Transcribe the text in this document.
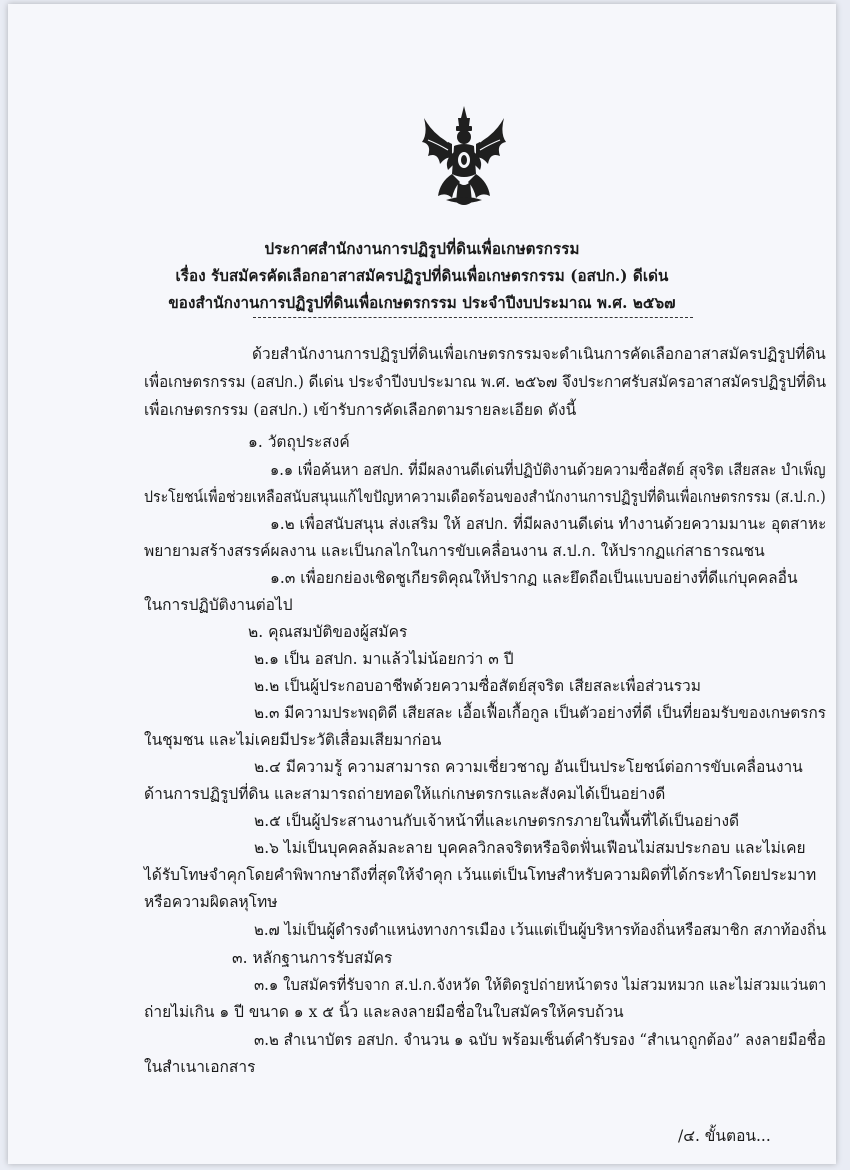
ประกาศสำนักงานการปฏิรูปที่ดินเพื่อเกษตรกรรม
เรื่อง รับสมัครคัดเลือกอาสาสมัครปฏิรูปที่ดินเพื่อเกษตรกรรม (อสปก.) ดีเด่น
ของสำนักงานการปฏิรูปที่ดินเพื่อเกษตรกรรม ประจำปีงบประมาณ พ.ศ. ๒๕๖๗
ด้วยสำนักงานการปฏิรูปที่ดินเพื่อเกษตรกรรมจะดำเนินการคัดเลือกอาสาสมัครปฏิรูปที่ดิน
เพื่อเกษตรกรรม (อสปก.) ดีเด่น ประจำปีงบประมาณ พ.ศ. ๒๕๖๗ จึงประกาศรับสมัครอาสาสมัครปฏิรูปที่ดิน
เพื่อเกษตรกรรม (อสปก.) เข้ารับการคัดเลือกตามรายละเอียด ดังนี้
๑. วัตถุประสงค์
๑.๑ เพื่อค้นหา อสปก. ที่มีผลงานดีเด่นที่ปฏิบัติงานด้วยความซื่อสัตย์ สุจริต เสียสละ บำเพ็ญ
ประโยชน์เพื่อช่วยเหลือสนับสนุนแก้ไขปัญหาความเดือดร้อนของสำนักงานการปฏิรูปที่ดินเพื่อเกษตรกรรม (ส.ป.ก.)
๑.๒ เพื่อสนับสนุน ส่งเสริม ให้ อสปก. ที่มีผลงานดีเด่น ทำงานด้วยความมานะ อุตสาหะ
พยายามสร้างสรรค์ผลงาน และเป็นกลไกในการขับเคลื่อนงาน ส.ป.ก. ให้ปรากฏแก่สาธารณชน
๑.๓ เพื่อยกย่องเชิดชูเกียรติคุณให้ปรากฏ และยึดถือเป็นแบบอย่างที่ดีแก่บุคคลอื่น
ในการปฏิบัติงานต่อไป
๒. คุณสมบัติของผู้สมัคร
๒.๑ เป็น อสปก. มาแล้วไม่น้อยกว่า ๓ ปี
๒.๒ เป็นผู้ประกอบอาชีพด้วยความซื่อสัตย์สุจริต เสียสละเพื่อส่วนรวม
๒.๓ มีความประพฤติดี เสียสละ เอื้อเฟื้อเกื้อกูล เป็นตัวอย่างที่ดี เป็นที่ยอมรับของเกษตรกร
ในชุมชน และไม่เคยมีประวัติเสื่อมเสียมาก่อน
๒.๔ มีความรู้ ความสามารถ ความเชี่ยวชาญ อันเป็นประโยชน์ต่อการขับเคลื่อนงาน
ด้านการปฏิรูปที่ดิน และสามารถถ่ายทอดให้แก่เกษตรกรและสังคมได้เป็นอย่างดี
๒.๕ เป็นผู้ประสานงานกับเจ้าหน้าที่และเกษตรกรภายในพื้นที่ได้เป็นอย่างดี
๒.๖ ไม่เป็นบุคคลล้มละลาย บุคคลวิกลจริตหรือจิตฟั่นเฟือนไม่สมประกอบ และไม่เคย
ได้รับโทษจำคุกโดยคำพิพากษาถึงที่สุดให้จำคุก เว้นแต่เป็นโทษสำหรับความผิดที่ได้กระทำโดยประมาท
หรือความผิดลหุโทษ
๒.๗ ไม่เป็นผู้ดำรงตำแหน่งทางการเมือง เว้นแต่เป็นผู้บริหารท้องถิ่นหรือสมาชิก สภาท้องถิ่น
๓. หลักฐานการรับสมัคร
๓.๑ ใบสมัครที่รับจาก ส.ป.ก.จังหวัด ให้ติดรูปถ่ายหน้าตรง ไม่สวมหมวก และไม่สวมแว่นตา
ถ่ายไม่เกิน ๑ ปี ขนาด ๑ x ๕ นิ้ว และลงลายมือชื่อในใบสมัครให้ครบถ้วน
๓.๒ สำเนาบัตร อสปก. จำนวน ๑ ฉบับ พร้อมเซ็นต์คำรับรอง “สำเนาถูกต้อง” ลงลายมือชื่อ
ในสำเนาเอกสาร
/๔. ขั้นตอน...
